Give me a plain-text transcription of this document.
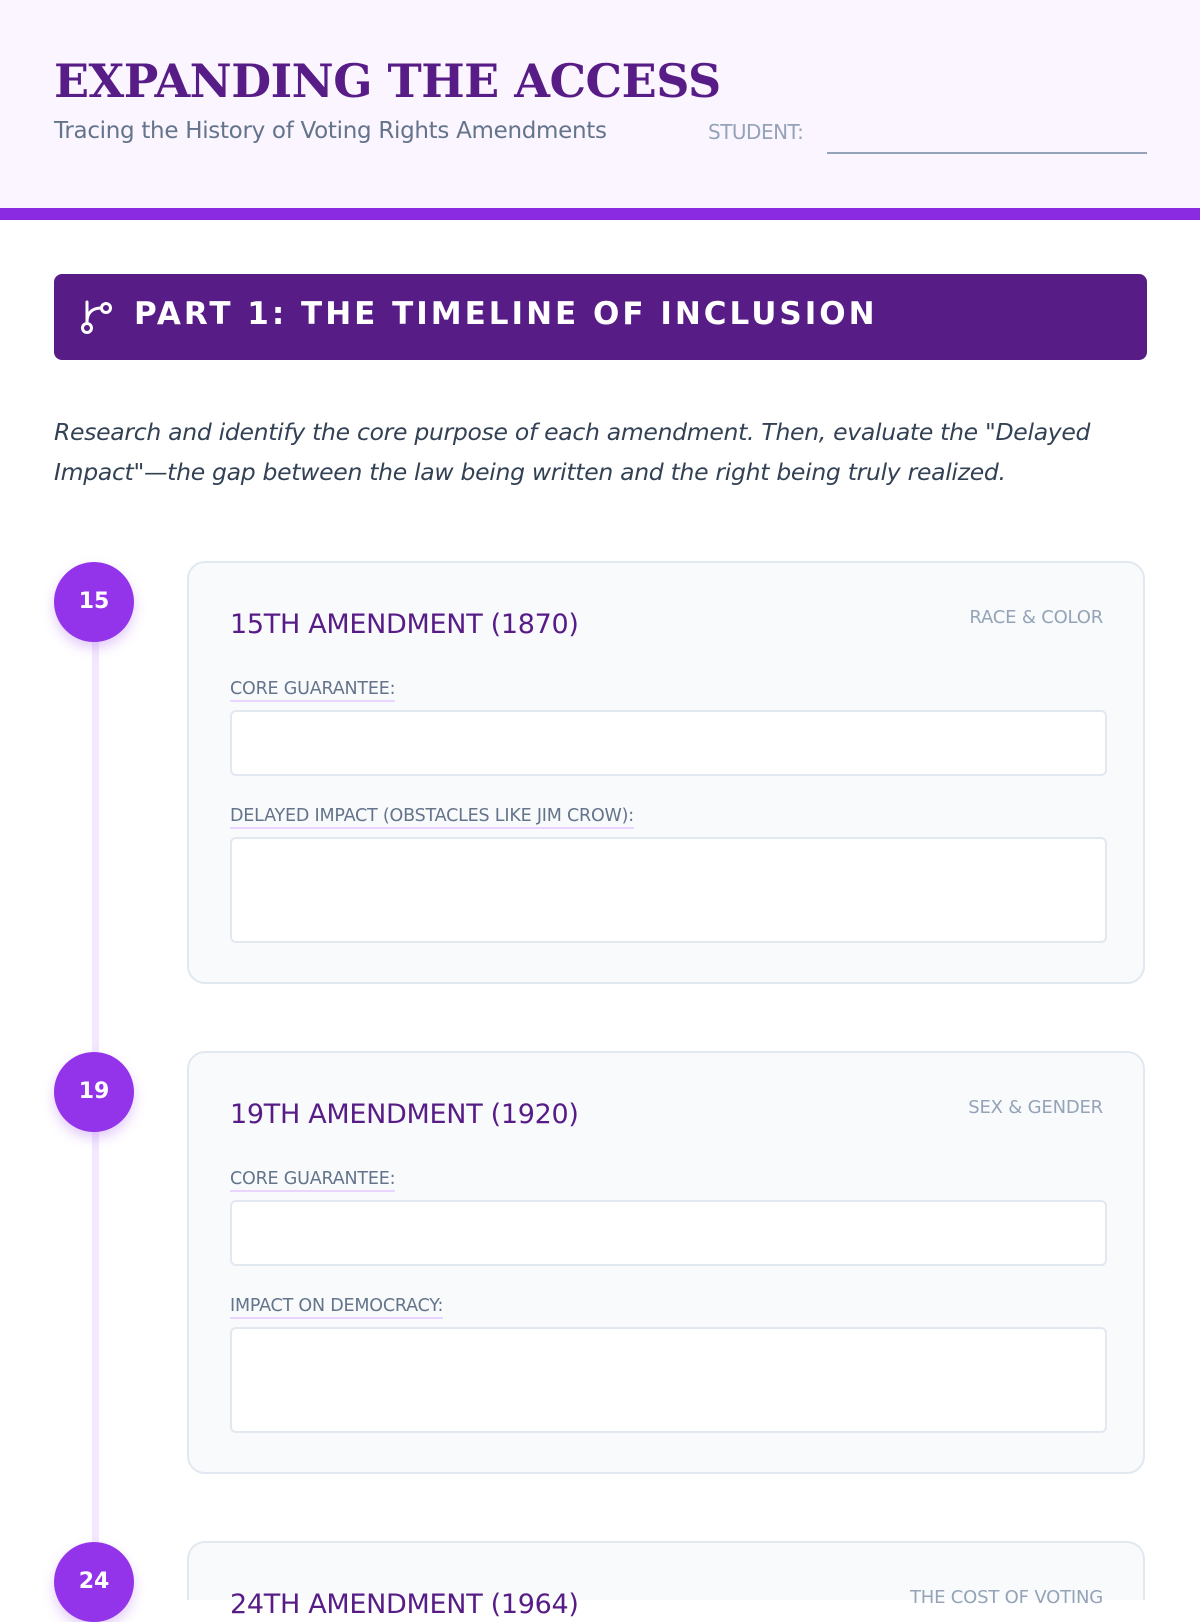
EXPANDING THE ACCESS
Tracing the History of Voting Rights Amendments	STUDENT:
PART 1: THE TIMELINE OF INCLUSION

Research and identify the core purpose of each amendment. Then, evaluate the "Delayed Impact"—the gap between the law being written and the right being truly realized.

15
15TH AMENDMENT (1870)	RACE & COLOR
CORE GUARANTEE:
DELAYED IMPACT (OBSTACLES LIKE JIM CROW):
19
19TH AMENDMENT (1920)	SEX & GENDER
CORE GUARANTEE:
IMPACT ON DEMOCRACY:
24
24TH AMENDMENT (1964)	THE COST OF VOTING
